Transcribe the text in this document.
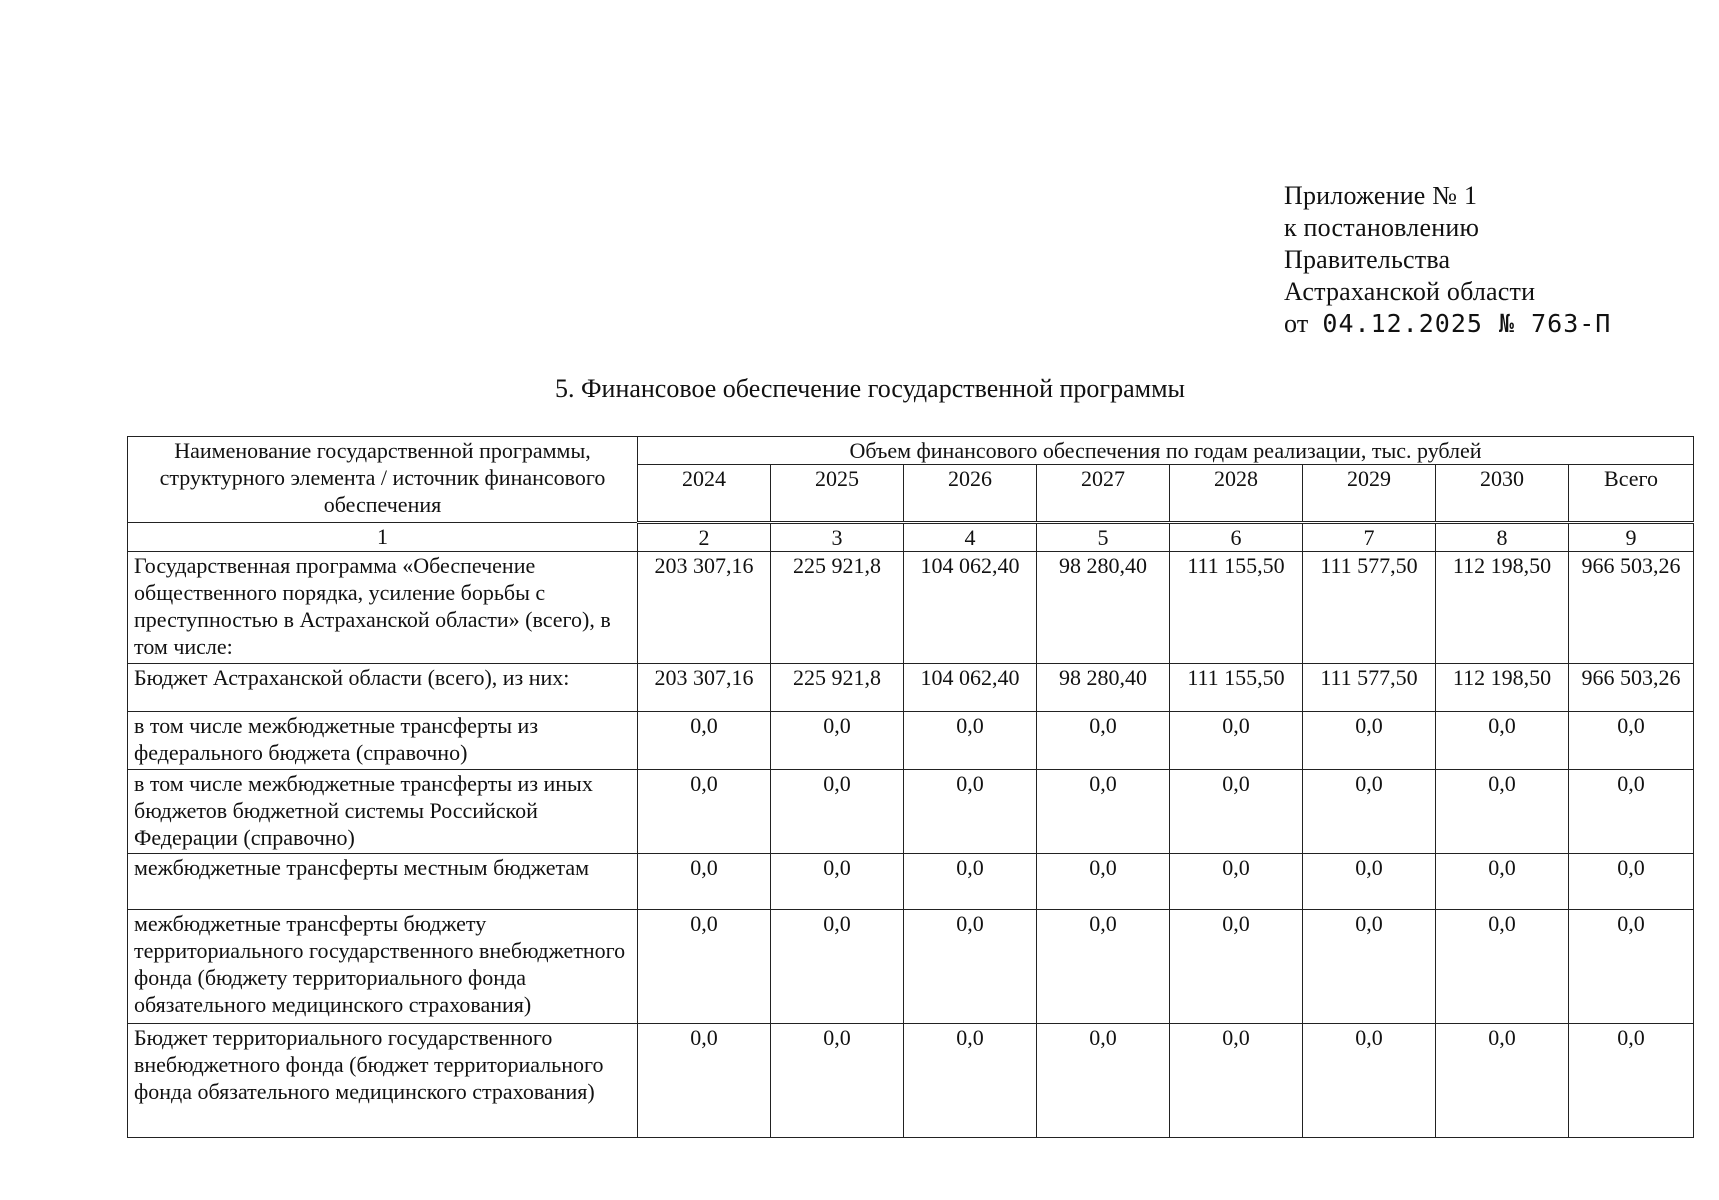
Приложение № 1
к постановлению
Правительства
Астраханской области
от 04.12.2025 № 763-П
5. Финансовое обеспечение государственной программы
Наименование государственной программы, структурного элемента / источник финансового обеспечения	Объем финансового обеспечения по годам реализации, тыс. рублей							
	2024	2025	2026	2027	2028	2029	2030	Всего
1	2	3	4	5	6	7	8	9
Государственная программа «Обеспечение общественного порядка, усиление борьбы с преступностью в Астраханской области» (всего), в том числе:	203 307,16	225 921,8	104 062,40	98 280,40	111 155,50	111 577,50	112 198,50	966 503,26
Бюджет Астраханской области (всего), из них:	203 307,16	225 921,8	104 062,40	98 280,40	111 155,50	111 577,50	112 198,50	966 503,26
в том числе межбюджетные трансферты из федерального бюджета (справочно)	0,0	0,0	0,0	0,0	0,0	0,0	0,0	0,0
в том числе межбюджетные трансферты из иных бюджетов бюджетной системы Российской Федерации (справочно)	0,0	0,0	0,0	0,0	0,0	0,0	0,0	0,0
межбюджетные трансферты местным бюджетам	0,0	0,0	0,0	0,0	0,0	0,0	0,0	0,0
межбюджетные трансферты бюджету территориального государственного внебюджетного фонда (бюджету территориального фонда обязательного медицинского страхования)	0,0	0,0	0,0	0,0	0,0	0,0	0,0	0,0
Бюджет территориального государственного внебюджетного фонда (бюджет территориального фонда обязательного медицинского страхования)	0,0	0,0	0,0	0,0	0,0	0,0	0,0	0,0
